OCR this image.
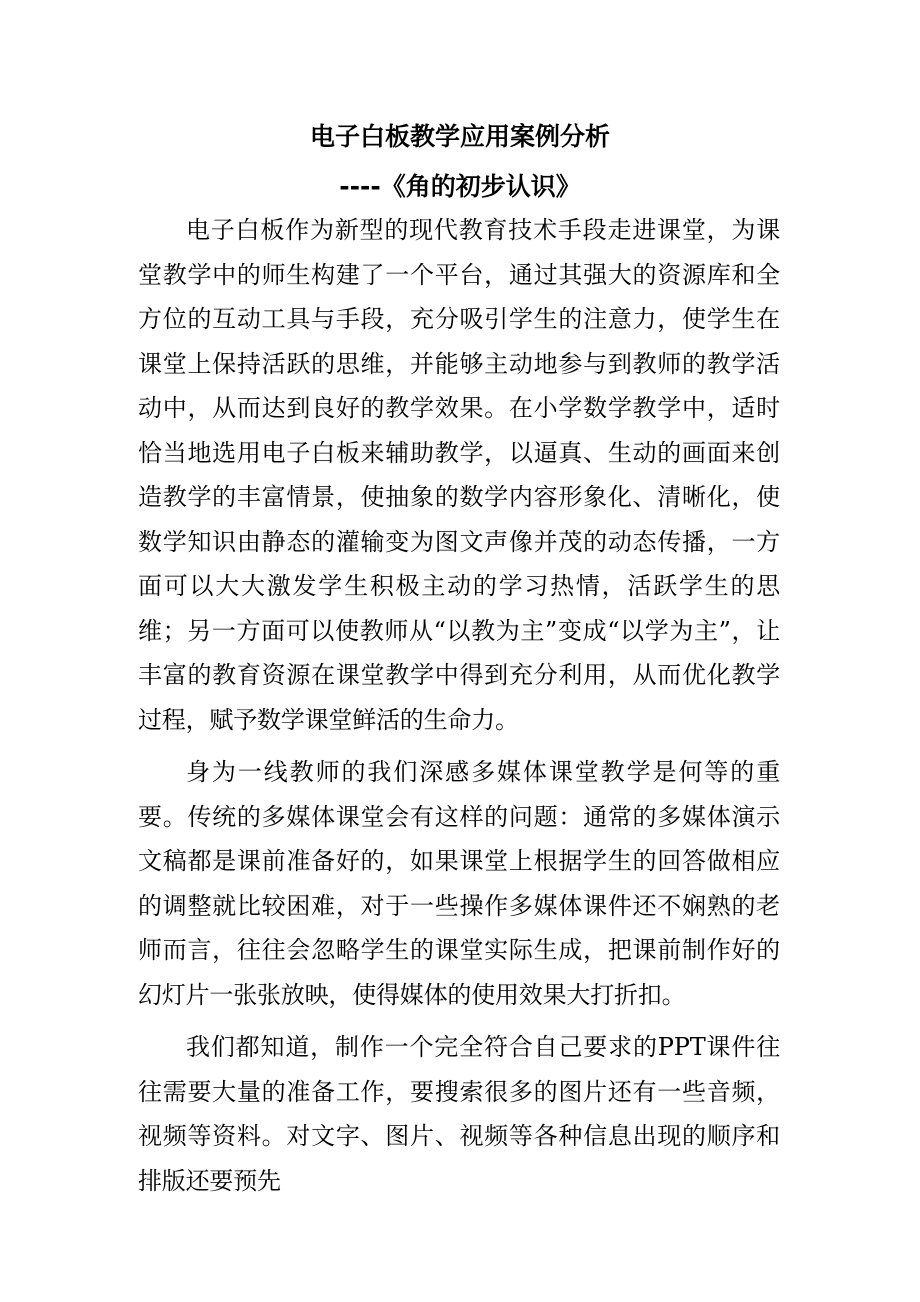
电子白板教学应用案例分析
----《角的初步认识》

电子白板作为新型的现代教育技术手段走进课堂，为课堂教学中的师生构建了一个平台，通过其强大的资源库和全方位的互动工具与手段，充分吸引学生的注意力，使学生在课堂上保持活跃的思维，并能够主动地参与到教师的教学活动中，从而达到良好的教学效果。在小学数学教学中，适时恰当地选用电子白板来辅助教学，以逼真、生动的画面来创造教学的丰富情景，使抽象的数学内容形象化、清晰化，使数学知识由静态的灌输变为图文声像并茂的动态传播，一方面可以大大激发学生积极主动的学习热情，活跃学生的思维；另一方面可以使教师从“以教为主”变成“以学为主”，让丰富的教育资源在课堂教学中得到充分利用，从而优化教学过程，赋予数学课堂鲜活的生命力。

身为一线教师的我们深感多媒体课堂教学是何等的重要。传统的多媒体课堂会有这样的问题：通常的多媒体演示文稿都是课前准备好的，如果课堂上根据学生的回答做相应的调整就比较困难，对于一些操作多媒体课件还不娴熟的老师而言，往往会忽略学生的课堂实际生成，把课前制作好的幻灯片一张张放映，使得媒体的使用效果大打折扣。

我们都知道，制作一个完全符合自己要求的PPT课件往往需要大量的准备工作，要搜索很多的图片还有一些音频，视频等资料。对文字、图片、视频等各种信息出现的顺序和排版还要预先
